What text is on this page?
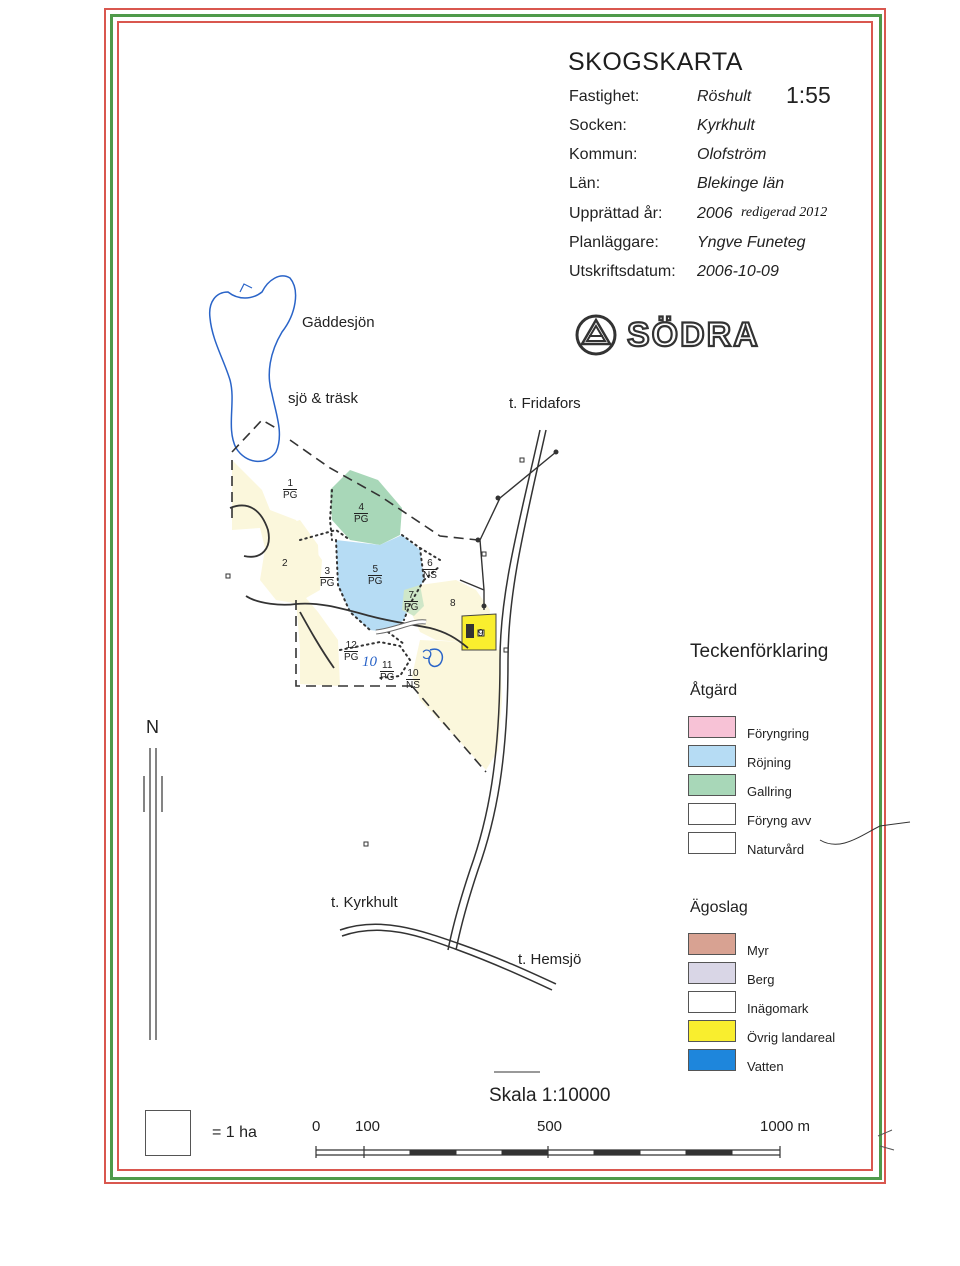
SKOGSKARTA
1:55
Fastighet:	Röshult
Socken:	Kyrkhult
Kommun:	Olofström
Län:	Blekinge län
Upprättad år: 2006
Planläggare: Yngve Funeteg
Utskriftsdatum: 2006-10-09
redigerad 2012
SÖDRA
Gäddesjön
sjö & träsk	t. Fridafors
t. Kyrkhult
t. Hemsjö
1
PG
2
3
PG
4
PG
5
PG
6
NS
7
PG	8
9
10
NS
11
PG
12
PG 10	Ͻ
N
Teckenförklaring
Åtgärd
Föryngring
Röjning
Gallring
Föryng avv
Naturvård
Ägoslag
Myr
Berg
Inägomark
Övrig landareal
Vatten
Skala 1:10000
0 100	500	1000 m
= 1 ha
